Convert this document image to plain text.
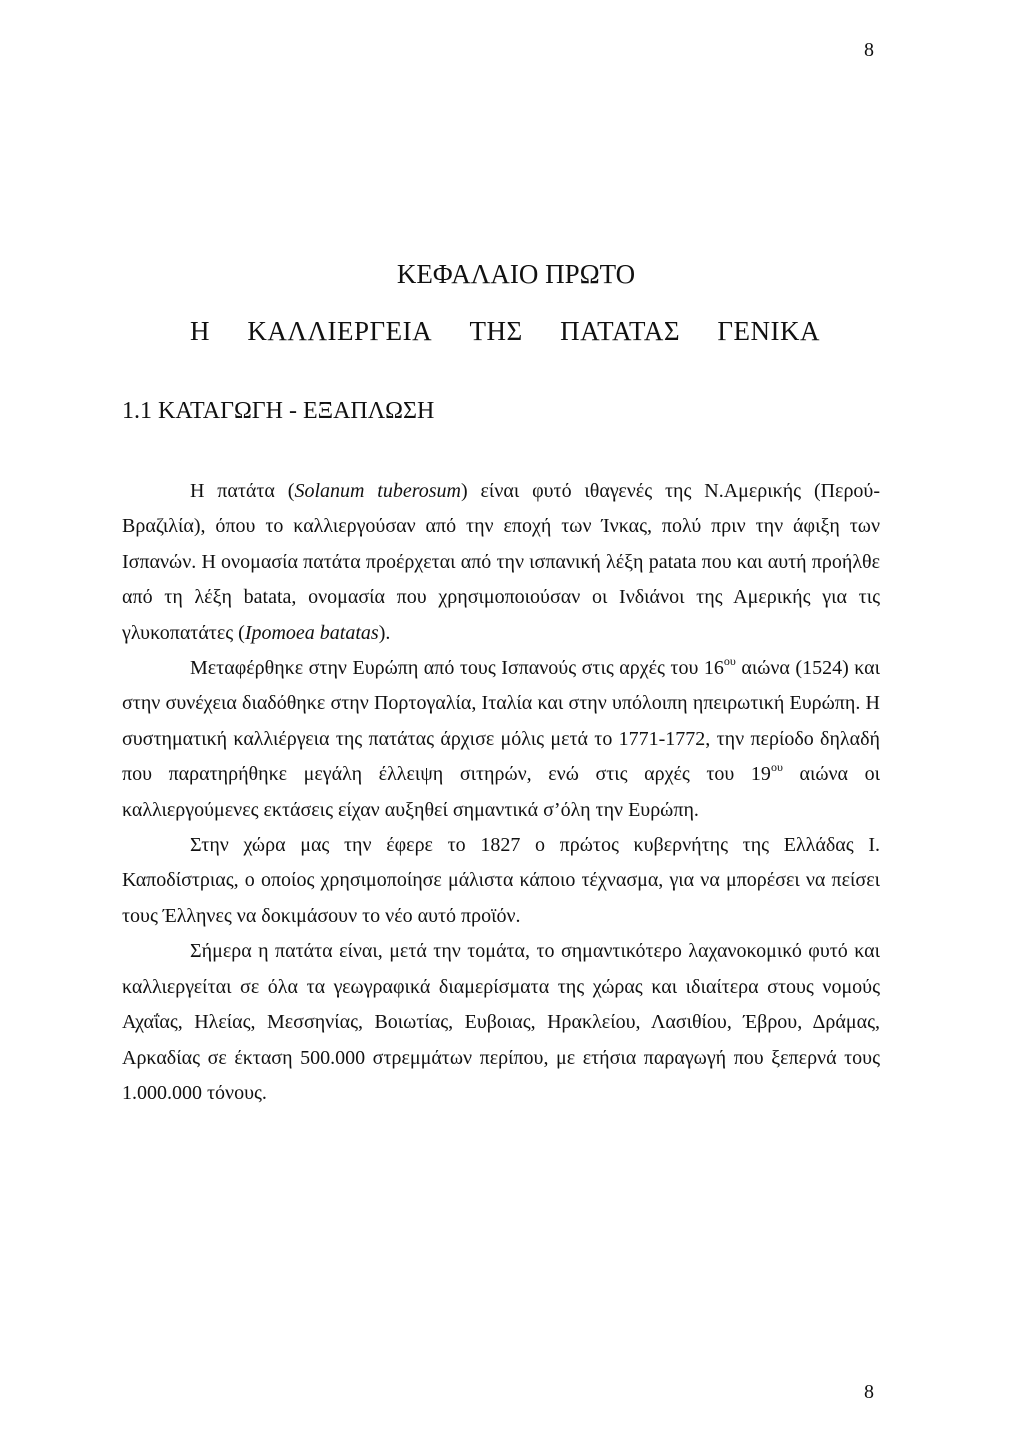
8
ΚΕΦΑΛΑΙΟ ΠΡΩΤΟ
Η ΚΑΛΛΙΕΡΓΕΙΑ ΤΗΣ ΠΑΤΑΤΑΣ ΓΕΝΙΚΑ
1.1 ΚΑΤΑΓΩΓΗ - ΕΞΑΠΛΩΣΗ

Η πατάτα (Solanum tuberosum) είναι φυτό ιθαγενές της Ν.Αμερικής (Περού-Βραζιλία), όπου το καλλιεργούσαν από την εποχή των Ίνκας, πολύ πριν την άφιξη των Ισπανών. Η ονομασία πατάτα προέρχεται από την ισπανική λέξη patata που και αυτή προήλθε από τη λέξη batata, ονομασία που χρησιμοποιούσαν οι Ινδιάνοι της Αμερικής για τις γλυκοπατάτες (Ipomoea batatas).

Μεταφέρθηκε στην Ευρώπη από τους Ισπανούς στις αρχές του $16^{o\upsilon}$ αιώνα (1524) και στην συνέχεια διαδόθηκε στην Πορτογαλία, Ιταλία και στην υπόλοιπη ηπειρωτική Ευρώπη. Η συστηματική καλλιέργεια της πατάτας άρχισε μόλις μετά το 1771-1772, την περίοδο δηλαδή που παρατηρήθηκε μεγάλη έλλειψη σιτηρών, ενώ στις αρχές του $19^{o\upsilon}$ αιώνα οι καλλιεργούμενες εκτάσεις είχαν αυξηθεί σημαντικά σ’όλη την Ευρώπη.

Στην χώρα μας την έφερε το 1827 ο πρώτος κυβερνήτης της Ελλάδας Ι. Καποδίστριας, ο οποίος χρησιμοποίησε μάλιστα κάποιο τέχνασμα, για να μπορέσει να πείσει τους Έλληνες να δοκιμάσουν το νέο αυτό προϊόν.

Σήμερα η πατάτα είναι, μετά την τομάτα, το σημαντικότερο λαχανοκομικό φυτό και καλλιεργείται σε όλα τα γεωγραφικά διαμερίσματα της χώρας και ιδιαίτερα στους νομούς Αχαΐας, Ηλείας, Μεσσηνίας, Βοιωτίας, Ευβοιας, Ηρακλείου, Λασιθίου, Έβρου, Δράμας, Αρκαδίας σε έκταση 500.000 στρεμμάτων περίπου, με ετήσια παραγωγή που ξεπερνά τους 1.000.000 τόνους.

8
